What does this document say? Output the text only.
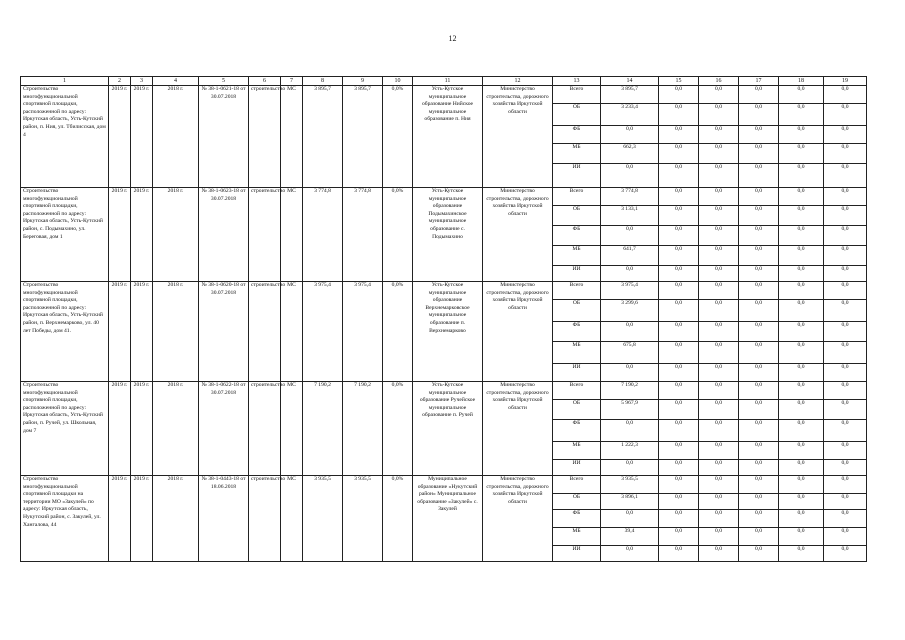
12
1	2	3	4	5	6	7	8	9	10	11	12	13	14	15	16	17	18	19
Строительство многофункциональной спортивной площадки, расположенной по адресу: Иркутская область, Усть-Кутский район, п. Ния, ул. Тбилисская, дом 4	2019 г.	2019 г.	2018 г.	№ 38-1-0621-18 от 30.07.2018	строительство	МС	3 895,7	3 895,7	0,0%	Усть-Кутское муниципальное образование Нийское муниципальное образование п. Ния	Министерство строительства, дорожного хозяйства Иркутской области	Всего	3 895,7	0,0	0,0	0,0	0,0	0,0
												ОБ	3 233,4	0,0	0,0	0,0	0,0	0,0
												ФБ	0,0	0,0	0,0	0,0	0,0	0,0
												МБ	662,3	0,0	0,0	0,0	0,0	0,0
												ИИ	0,0	0,0	0,0	0,0	0,0	0,0
Строительство многофункциональной спортивной площадки, расположенной по адресу: Иркутская область, Усть-Кутский район, с. Подымахино, ул. Береговая, дом 1	2019 г.	2019 г.	2018 г.	№ 38-1-0623-18 от 30.07.2018	строительство	МС	3 774,8	3 774,8	0,0%	Усть-Кутское муниципальное образование Подымахинское муниципальное образование с. Подымахино	Министерство строительства, дорожного хозяйства Иркутской области	Всего	3 774,8	0,0	0,0	0,0	0,0	0,0
												ОБ	3 133,1	0,0	0,0	0,0	0,0	0,0
												ФБ	0,0	0,0	0,0	0,0	0,0	0,0
												МБ	641,7	0,0	0,0	0,0	0,0	0,0
												ИИ	0,0	0,0	0,0	0,0	0,0	0,0
Строительство многофункциональной спортивной площадки, расположенной по адресу: Иркутская область, Усть-Кутский район, п. Верхнемарково, ул. 40 лет Победы, дом 41.	2019 г.	2019 г.	2018 г.	№ 38-1-0620-18 от 30.07.2018	строительство	МС	3 975,4	3 975,4	0,0%	Усть-Кутское муниципальное образование Верхнемарковское муниципальное образование п. Верхнемарково	Министерство строительства, дорожного хозяйства Иркутской области	Всего	3 975,4	0,0	0,0	0,0	0,0	0,0
												ОБ	3 299,6	0,0	0,0	0,0	0,0	0,0
												ФБ	0,0	0,0	0,0	0,0	0,0	0,0
												МБ	675,8	0,0	0,0	0,0	0,0	0,0
												ИИ	0,0	0,0	0,0	0,0	0,0	0,0
Строительство многофункциональной спортивной площадки, расположенной по адресу: Иркутская область, Усть-Кутский район, п. Ручей, ул. Школьная, дом 7	2019 г.	2019 г.	2018 г.	№ 38-1-0622-18 от 30.07.2018	строительство	МС	7 190,2	7 190,2	0,0%	Усть-Кутское муниципальное образование Ручейское муниципальное образование п. Ручей	Министерство строительства, дорожного хозяйства Иркутской области	Всего	7 190,2	0,0	0,0	0,0	0,0	0,0
												ОБ	5 967,9	0,0	0,0	0,0	0,0	0,0
												ФБ	0,0	0,0	0,0	0,0	0,0	0,0
												МБ	1 222,3	0,0	0,0	0,0	0,0	0,0
												ИИ	0,0	0,0	0,0	0,0	0,0	0,0
Строительство многофункциональной спортивной площадки на территории МО «Закулей» по адресу: Иркутская область, Нукутский район, с. Закулей, ул. Хангалова, 44	2019 г.	2019 г.	2018 г.	№ 38-1-0443-18 от 18.06.2018	строительство	МС	3 935,5	3 935,5	0,0%	Муниципальное образование «Нукутский район» Муниципальное образование «Закулей» с. Закулей	Министерство строительства, дорожного хозяйства Иркутской области	Всего	3 935,5	0,0	0,0	0,0	0,0	0,0
												ОБ	3 896,1	0,0	0,0	0,0	0,0	0,0
												ФБ	0,0	0,0	0,0	0,0	0,0	0,0
												МБ	39,4	0,0	0,0	0,0	0,0	0,0
												ИИ	0,0	0,0	0,0	0,0	0,0	0,0
